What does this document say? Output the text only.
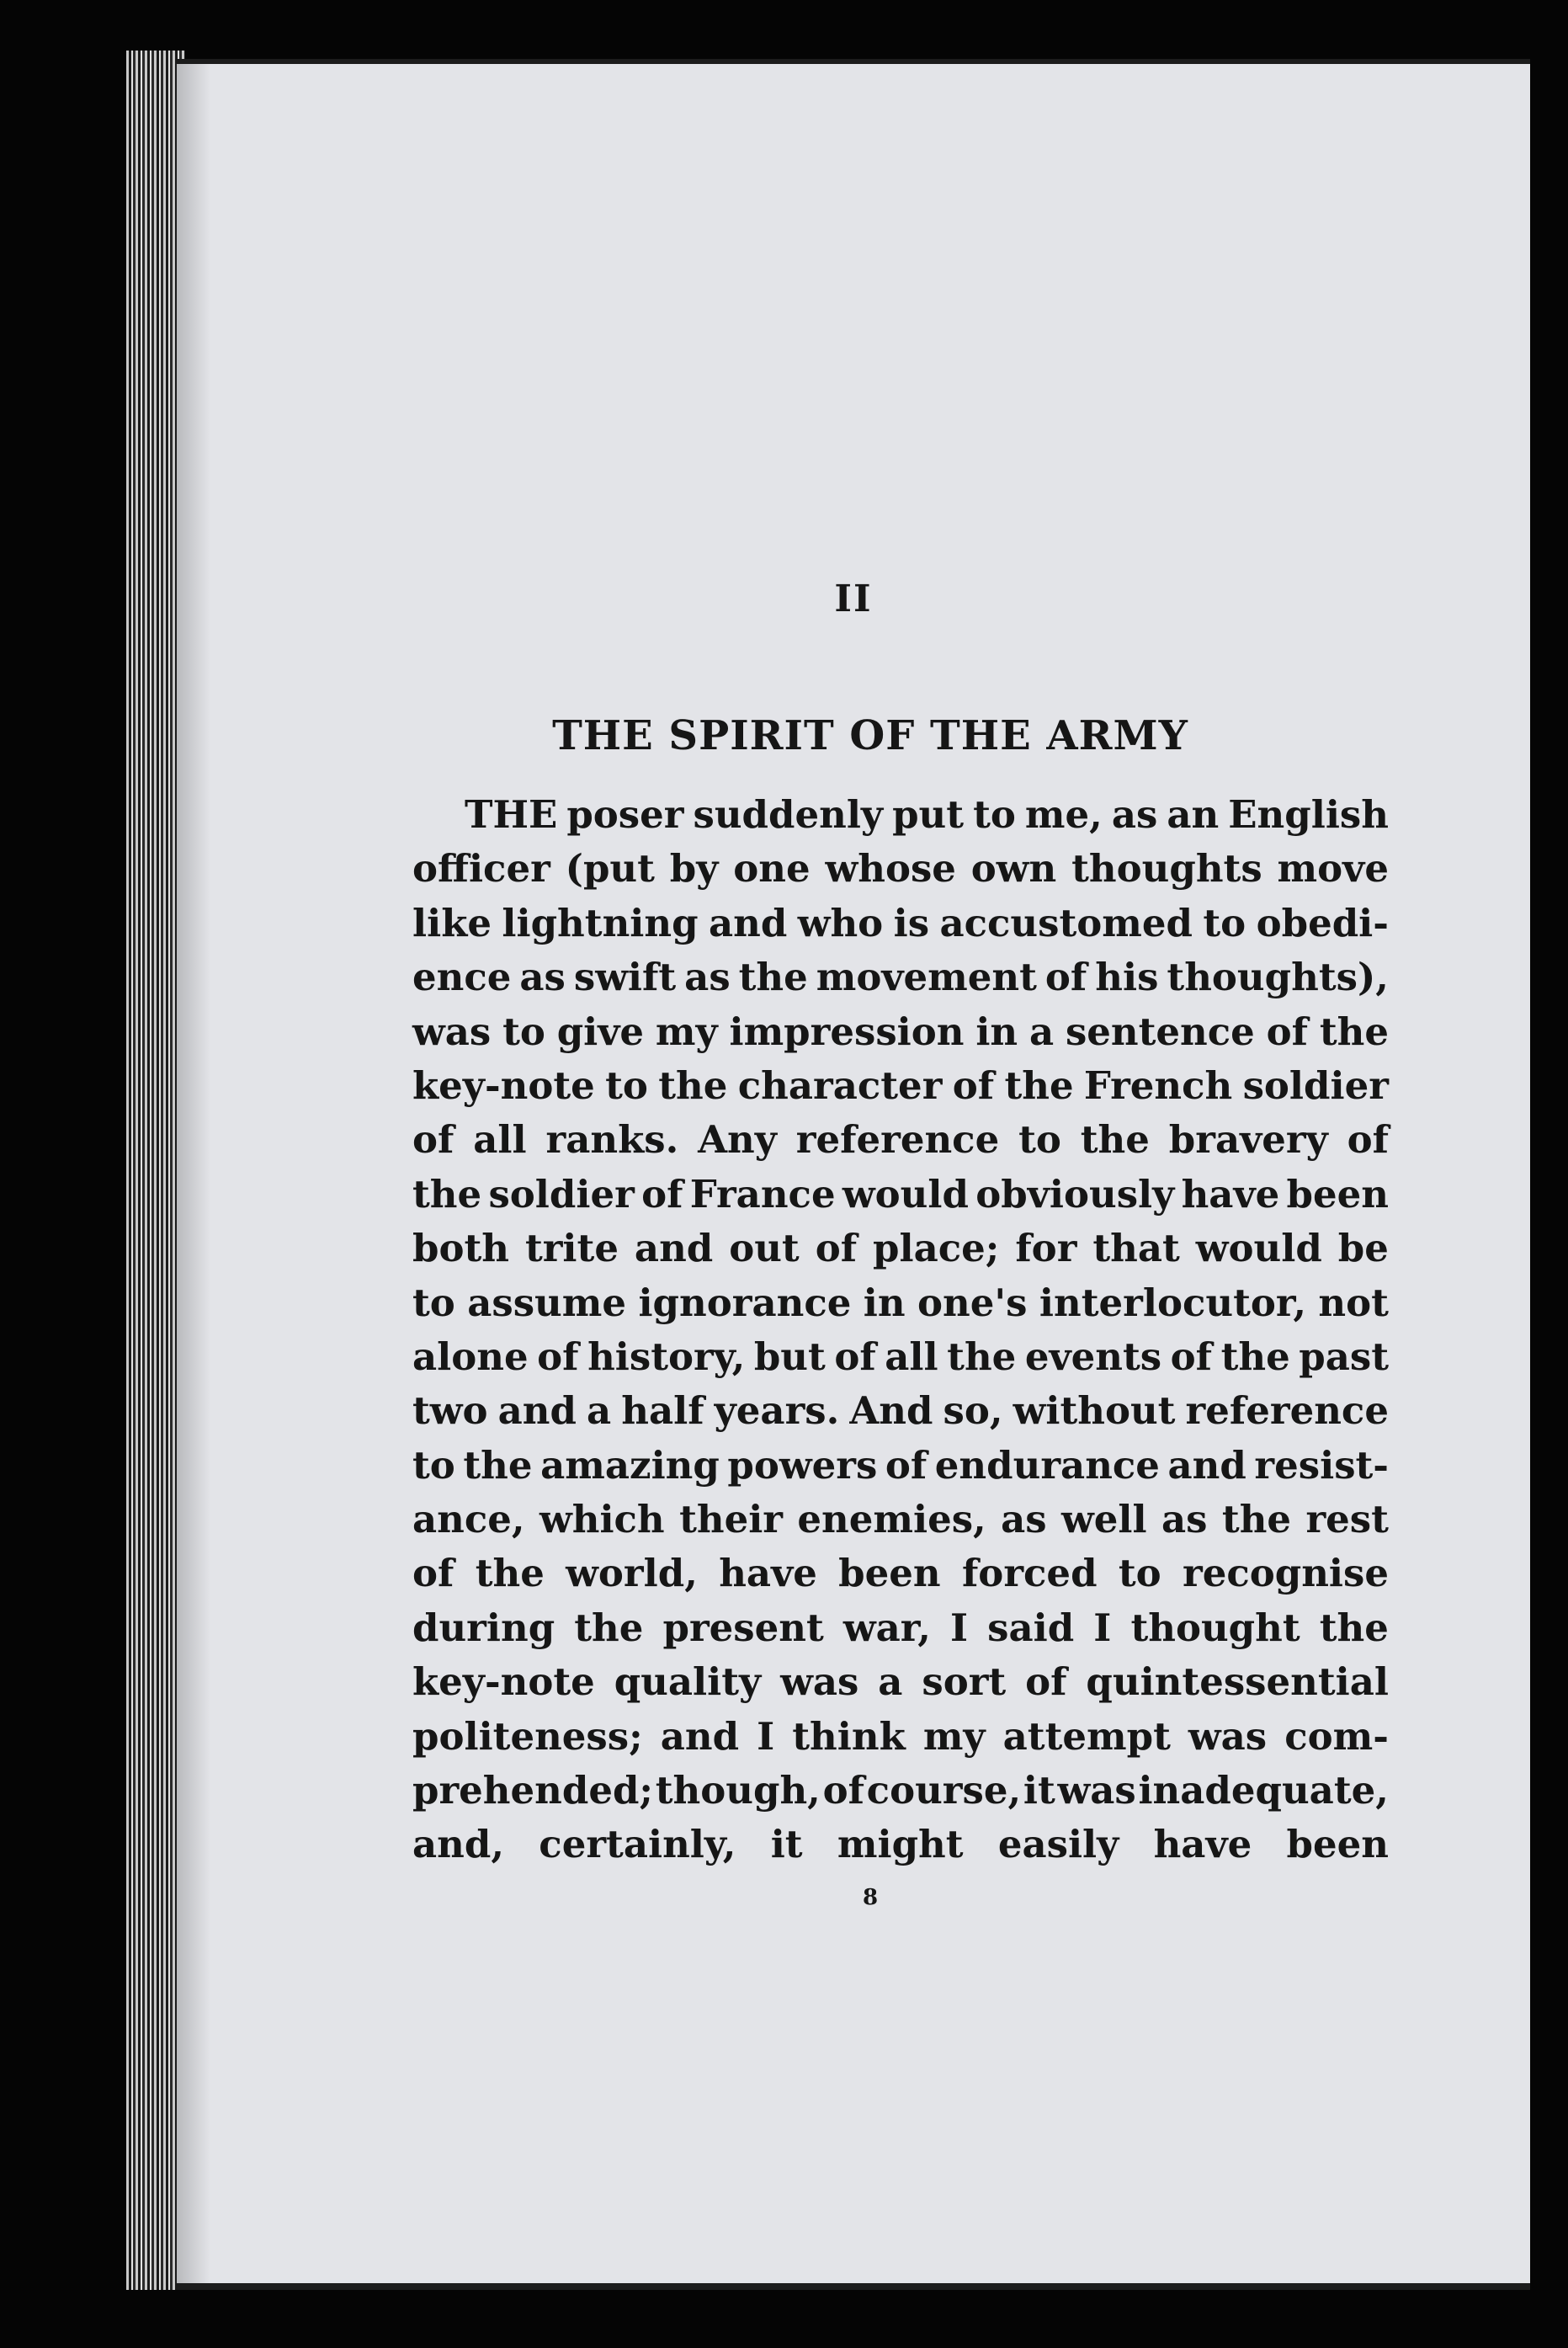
II
THE SPIRIT OF THE ARMY
THE poser suddenly put to me, as an English
officer (put by one whose own thoughts move
like lightning and who is accustomed to obedi-
ence as swift as the movement of his thoughts),
was to give my impression in a sentence of the
key-note to the character of the French soldier
of all ranks. Any reference to the bravery of
the soldier of France would obviously have been
both trite and out of place; for that would be
to assume ignorance in one's interlocutor, not
alone of history, but of all the events of the past
two and a half years. And so, without reference
to the amazing powers of endurance and resist-
ance, which their enemies, as well as the rest
of the world, have been forced to recognise
during the present war, I said I thought the
key-note quality was a sort of quintessential
politeness; and I think my attempt was com-
prehended; though, of course, it was inadequate,
and, certainly, it might easily have been
8
